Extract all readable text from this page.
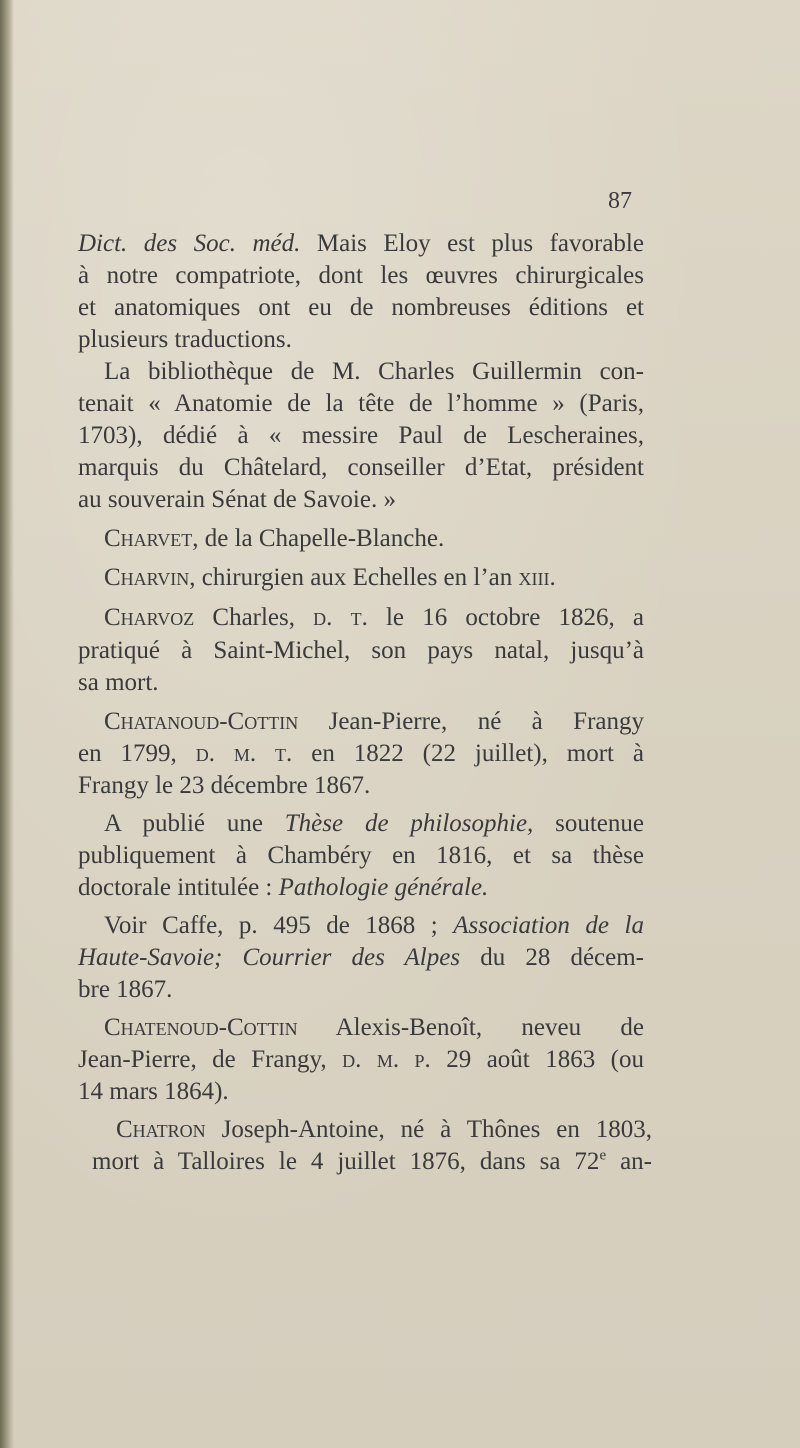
87
Dict. des Soc. méd. Mais Eloy est plus favorable
à notre compatriote, dont les œuvres chirurgicales
et anatomiques ont eu de nombreuses éditions et
plusieurs traductions.
La bibliothèque de M. Charles Guillermin con-
tenait « Anatomie de la tête de l’homme » (Paris,
1703), dédié à « messire Paul de Lescheraines,
marquis du Châtelard, conseiller d’Etat, président
au souverain Sénat de Savoie. »
Charvet, de la Chapelle-Blanche.
Charvin, chirurgien aux Echelles en l’an xiii.
Charvoz Charles, d. t. le 16 octobre 1826, a
pratiqué à Saint-Michel, son pays natal, jusqu’à
sa mort.
Chatanoud-Cottin Jean-Pierre, né à Frangy
en 1799, d. m. t. en 1822 (22 juillet), mort à
Frangy le 23 décembre 1867.
A publié une Thèse de philosophie, soutenue
publiquement à Chambéry en 1816, et sa thèse
doctorale intitulée : Pathologie générale.
Voir Caffe, p. 495 de 1868 ; Association de la
Haute-Savoie; Courrier des Alpes du 28 décem-
bre 1867.
Chatenoud-Cottin Alexis-Benoît, neveu de
Jean-Pierre, de Frangy, d. m. p. 29 août 1863 (ou
14 mars 1864).
Chatron Joseph-Antoine, né à Thônes en 1803,
mort à Talloires le 4 juillet 1876, dans sa 72e an-
